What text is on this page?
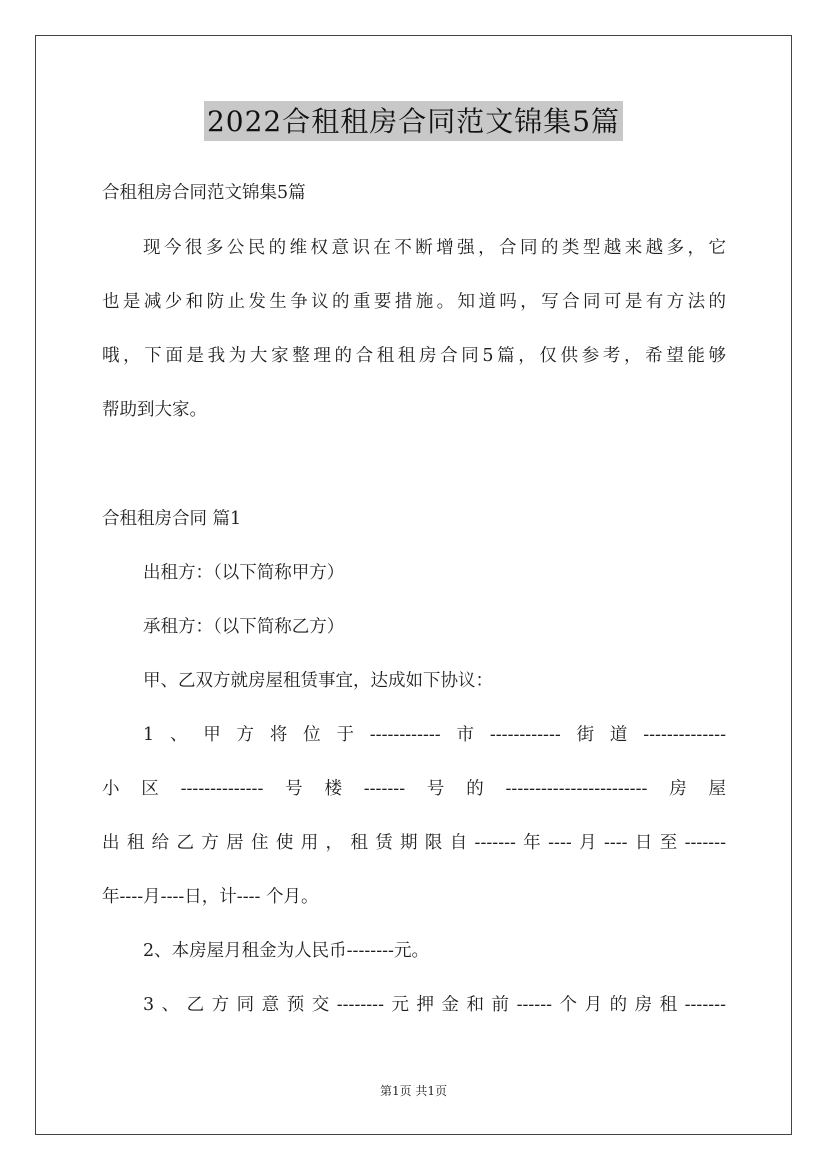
2022合租租房合同范文锦集5篇
合租租房合同范文锦集5篇
现今很多公民的维权意识在不断增强，合同的类型越来越多，它
也是减少和防止发生争议的重要措施。知道吗，写合同可是有方法的
哦，下面是我为大家整理的合租租房合同5篇，仅供参考，希望能够
帮助到大家。
合租租房合同 篇1
出租方：（以下简称甲方）
承租方：（以下简称乙方）
甲、乙双方就房屋租赁事宜，达成如下协议：
1、甲方将位于------------市------------街道--------------
小区--------------号楼-------号的------------------------房屋
出租给乙方居住使用，租赁期限自-------年----月----日至-------
年----月----日，计---- 个月。
2、本房屋月租金为人民币--------元。
3、乙方同意预交--------元押金和前------个月的房租-------
第1页 共1页
